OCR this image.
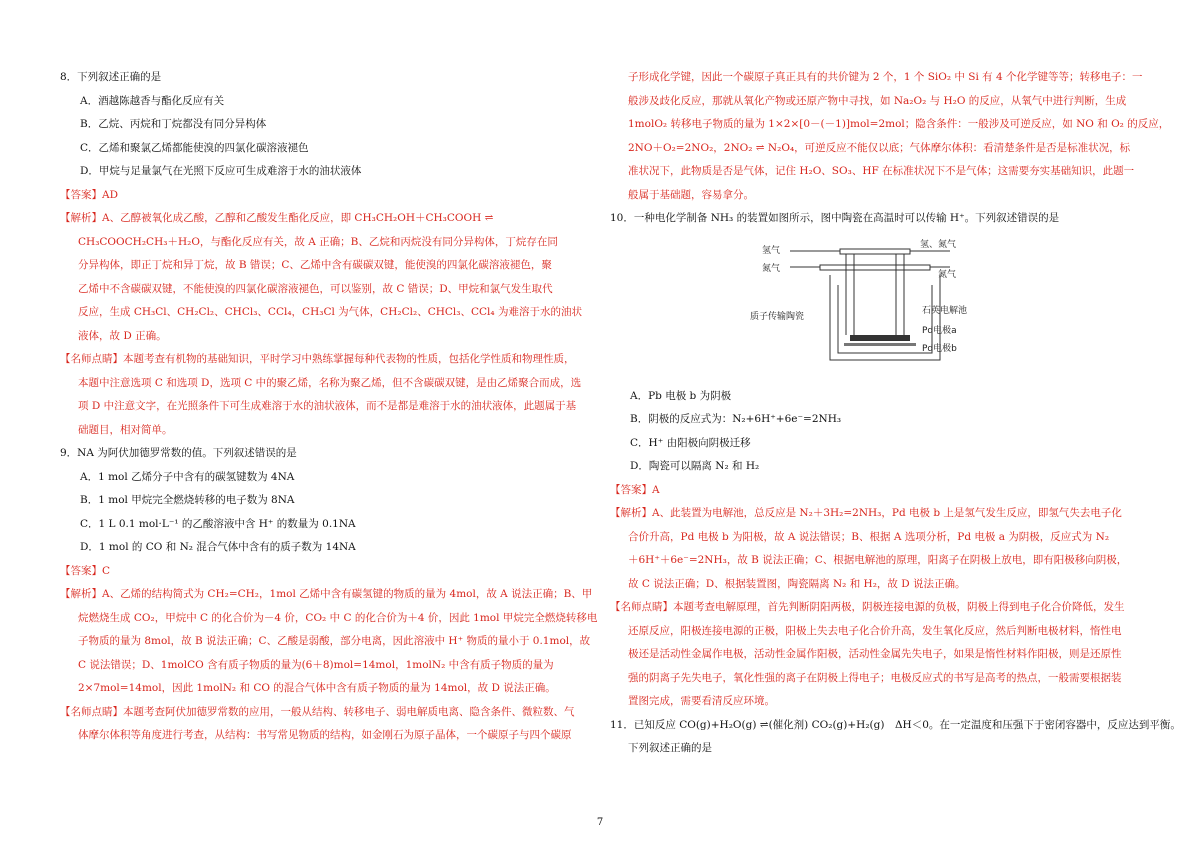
8．下列叙述正确的是
A．酒越陈越香与酯化反应有关
B．乙烷、丙烷和丁烷都没有同分异构体
C．乙烯和聚氯乙烯都能使溴的四氯化碳溶液褪色
D．甲烷与足量氯气在光照下反应可生成难溶于水的油状液体
【答案】AD
【解析】A、乙醇被氧化成乙酸，乙醇和乙酸发生酯化反应，即 CH₃CH₂OH＋CH₃COOH ⇌
CH₃COOCH₂CH₃＋H₂O，与酯化反应有关，故 A 正确；B、乙烷和丙烷没有同分异构体，丁烷存在同
分异构体，即正丁烷和异丁烷，故 B 错误；C、乙烯中含有碳碳双键，能使溴的四氯化碳溶液褪色，聚
乙烯中不含碳碳双键，不能使溴的四氯化碳溶液褪色，可以鉴别，故 C 错误；D、甲烷和氯气发生取代
反应，生成 CH₃Cl、CH₂Cl₂、CHCl₃、CCl₄，CH₃Cl 为气体，CH₂Cl₂、CHCl₃、CCl₄ 为难溶于水的油状
液体，故 D 正确。
【名师点睛】本题考查有机物的基础知识，平时学习中熟练掌握每种代表物的性质，包括化学性质和物理性质，
本题中注意选项 C 和选项 D，选项 C 中的聚乙烯，名称为聚乙烯，但不含碳碳双键，是由乙烯聚合而成，选
项 D 中注意文字，在光照条件下可生成难溶于水的油状液体，而不是都是难溶于水的油状液体，此题属于基
础题目，相对简单。
9．NA 为阿伏加德罗常数的值。下列叙述错误的是
A．1 mol 乙烯分子中含有的碳氢键数为 4NA
B．1 mol 甲烷完全燃烧转移的电子数为 8NA
C．1 L 0.1 mol·L⁻¹ 的乙酸溶液中含 H⁺ 的数量为 0.1NA
D．1 mol 的 CO 和 N₂ 混合气体中含有的质子数为 14NA
【答案】C
【解析】A、乙烯的结构简式为 CH₂=CH₂，1mol 乙烯中含有碳氢键的物质的量为 4mol，故 A 说法正确；B、甲
烷燃烧生成 CO₂，甲烷中 C 的化合价为－4 价，CO₂ 中 C 的化合价为＋4 价，因此 1mol 甲烷完全燃烧转移电
子物质的量为 8mol，故 B 说法正确；C、乙酸是弱酸，部分电离，因此溶液中 H⁺ 物质的量小于 0.1mol，故
C 说法错误；D、1molCO 含有质子物质的量为(6＋8)mol=14mol，1molN₂ 中含有质子物质的量为
2×7mol=14mol，因此 1molN₂ 和 CO 的混合气体中含有质子物质的量为 14mol，故 D 说法正确。
【名师点睛】本题考查阿伏加德罗常数的应用，一般从结构、转移电子、弱电解质电离、隐含条件、微粒数、气
体摩尔体积等角度进行考查，从结构：书写常见物质的结构，如金刚石为原子晶体，一个碳原子与四个碳原
子形成化学键，因此一个碳原子真正具有的共价键为 2 个，1 个 SiO₂ 中 Si 有 4 个化学键等等；转移电子：一
般涉及歧化反应，那就从氧化产物或还原产物中寻找，如 Na₂O₂ 与 H₂O 的反应，从氧气中进行判断，生成
1molO₂ 转移电子物质的量为 1×2×[0－(－1)]mol=2mol；隐含条件：一般涉及可逆反应，如 NO 和 O₂ 的反应，
2NO＋O₂=2NO₂，2NO₂ ⇌ N₂O₄，可逆反应不能仅以底；气体摩尔体积：看清楚条件是否是标准状况，标
准状况下，此物质是否是气体，记住 H₂O、SO₃、HF 在标准状况下不是气体；这需要夯实基础知识，此题一
般属于基础题，容易拿分。
10．一种电化学制备 NH₃ 的装置如图所示，图中陶瓷在高温时可以传输 H⁺。下列叙述错误的是
氢气
氢、氮气
氮气
氮气
质子传输陶瓷
石英电解池
Pd电极a
Pd电极b
A．Pb 电极 b 为阴极
B．阴极的反应式为：N₂+6H⁺+6e⁻=2NH₃
C．H⁺ 由阳极向阴极迁移
D．陶瓷可以隔离 N₂ 和 H₂
【答案】A
【解析】A、此装置为电解池，总反应是 N₂＋3H₂=2NH₃，Pd 电极 b 上是氢气发生反应，即氢气失去电子化
合价升高，Pd 电极 b 为阳极，故 A 说法错误；B、根据 A 选项分析，Pd 电极 a 为阴极，反应式为 N₂
＋6H⁺＋6e⁻=2NH₃，故 B 说法正确；C、根据电解池的原理，阳离子在阴极上放电，即有阳极移向阴极，
故 C 说法正确；D、根据装置图，陶瓷隔离 N₂ 和 H₂，故 D 说法正确。
【名师点睛】本题考查电解原理，首先判断阴阳两极，阴极连接电源的负极，阴极上得到电子化合价降低，发生
还原反应，阳极连接电源的正极，阳极上失去电子化合价升高，发生氧化反应，然后判断电极材料，惰性电
极还是活动性金属作电极，活动性金属作阳极，活动性金属先失电子，如果是惰性材料作阳极，则是还原性
强的阴离子先失电子，氧化性强的离子在阴极上得电子；电极反应式的书写是高考的热点，一般需要根据装
置图完成，需要看清反应环境。
11．已知反应 CO(g)+H₂O(g) ⇌(催化剂) CO₂(g)+H₂(g)　ΔH＜0。在一定温度和压强下于密闭容器中，反应达到平衡。
下列叙述正确的是
7
